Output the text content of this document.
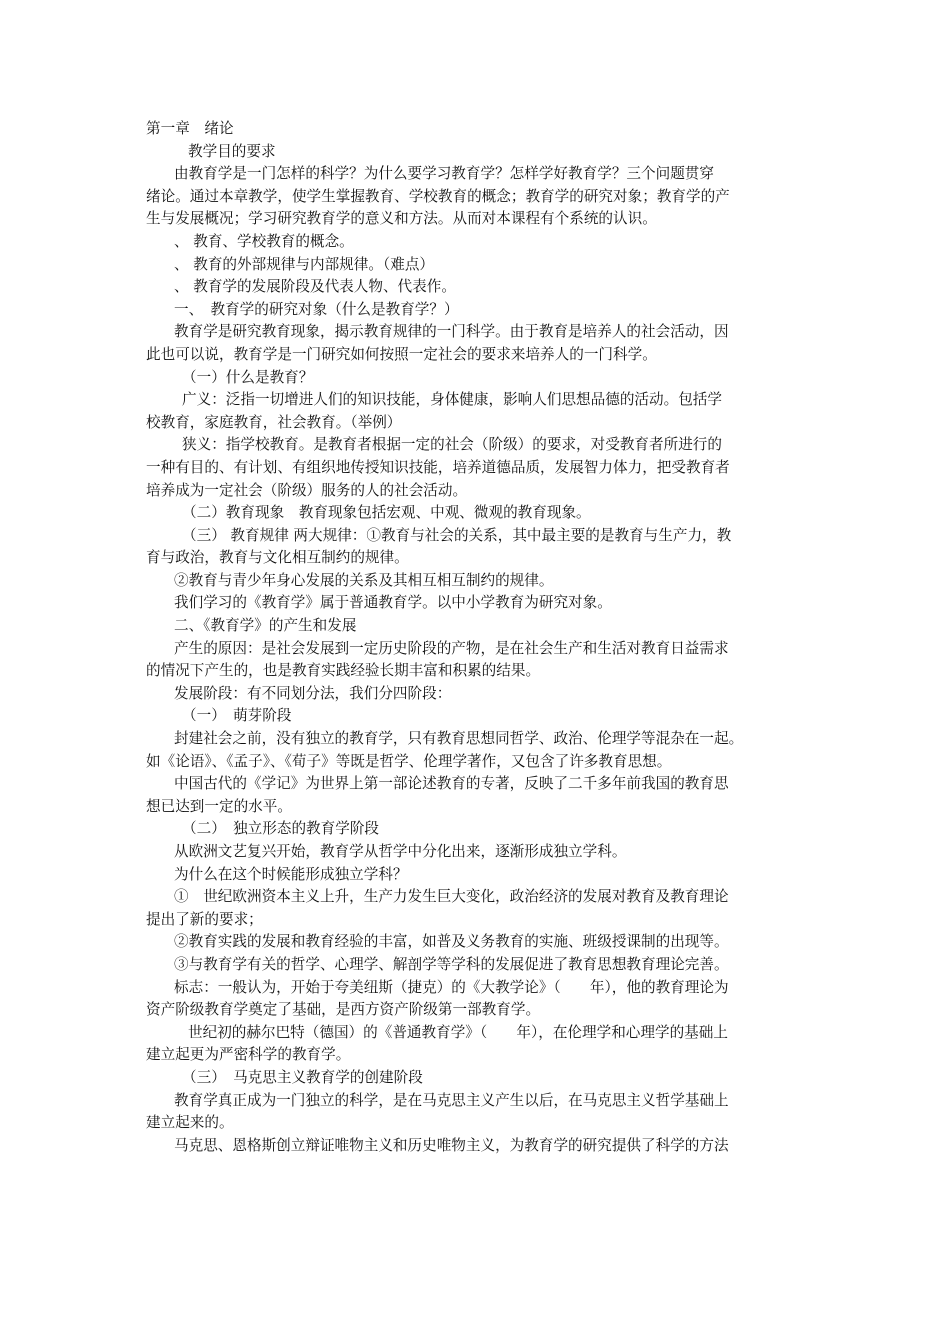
第一章　绪论
教学目的要求
由教育学是一门怎样的科学？为什么要学习教育学？怎样学好教育学？三个问题贯穿
绪论。通过本章教学，使学生掌握教育、学校教育的概念；教育学的研究对象；教育学的产
生与发展概况；学习研究教育学的意义和方法。从而对本课程有个系统的认识。
、 教育、学校教育的概念。
、 教育的外部规律与内部规律。（难点）
、 教育学的发展阶段及代表人物、代表作。
一、　教育学的研究对象（什么是教育学？）
教育学是研究教育现象，揭示教育规律的一门科学。由于教育是培养人的社会活动，因
此也可以说，教育学是一门研究如何按照一定社会的要求来培养人的一门科学。
（一）什么是教育？
广义：泛指一切增进人们的知识技能，身体健康，影响人们思想品德的活动。包括学
校教育，家庭教育，社会教育。（举例）
狭义：指学校教育。是教育者根据一定的社会（阶级）的要求，对受教育者所进行的
一种有目的、有计划、有组织地传授知识技能，培养道德品质，发展智力体力，把受教育者
培养成为一定社会（阶级）服务的人的社会活动。
（二）教育现象　教育现象包括宏观、中观、微观的教育现象。
（三） 教育规律 两大规律：①教育与社会的关系，其中最主要的是教育与生产力，教
育与政治，教育与文化相互制约的规律。
②教育与青少年身心发展的关系及其相互相互制约的规律。
我们学习的《教育学》属于普通教育学。以中小学教育为研究对象。
二、《教育学》的产生和发展
产生的原因：是社会发展到一定历史阶段的产物，是在社会生产和生活对教育日益需求
的情况下产生的，也是教育实践经验长期丰富和积累的结果。
发展阶段：有不同划分法，我们分四阶段：
（一）　萌芽阶段
封建社会之前，没有独立的教育学，只有教育思想同哲学、政治、伦理学等混杂在一起。
如《论语》、《孟子》、《荀子》等既是哲学、伦理学著作，又包含了许多教育思想。
中国古代的《学记》为世界上第一部论述教育的专著，反映了二千多年前我国的教育思
想已达到一定的水平。
（二）　独立形态的教育学阶段
从欧洲文艺复兴开始，教育学从哲学中分化出来，逐渐形成独立学科。
为什么在这个时候能形成独立学科？
①　世纪欧洲资本主义上升，生产力发生巨大变化，政治经济的发展对教育及教育理论
提出了新的要求；
②教育实践的发展和教育经验的丰富，如普及义务教育的实施、班级授课制的出现等。
③与教育学有关的哲学、心理学、解剖学等学科的发展促进了教育思想教育理论完善。
标志：一般认为，开始于夸美纽斯（捷克）的《大教学论》（　　年），他的教育理论为
资产阶级教育学奠定了基础，是西方资产阶级第一部教育学。
世纪初的赫尔巴特（德国）的《普通教育学》（　　年），在伦理学和心理学的基础上
建立起更为严密科学的教育学。
（三）　马克思主义教育学的创建阶段
教育学真正成为一门独立的科学，是在马克思主义产生以后，在马克思主义哲学基础上
建立起来的。
马克思、恩格斯创立辩证唯物主义和历史唯物主义，为教育学的研究提供了科学的方法
